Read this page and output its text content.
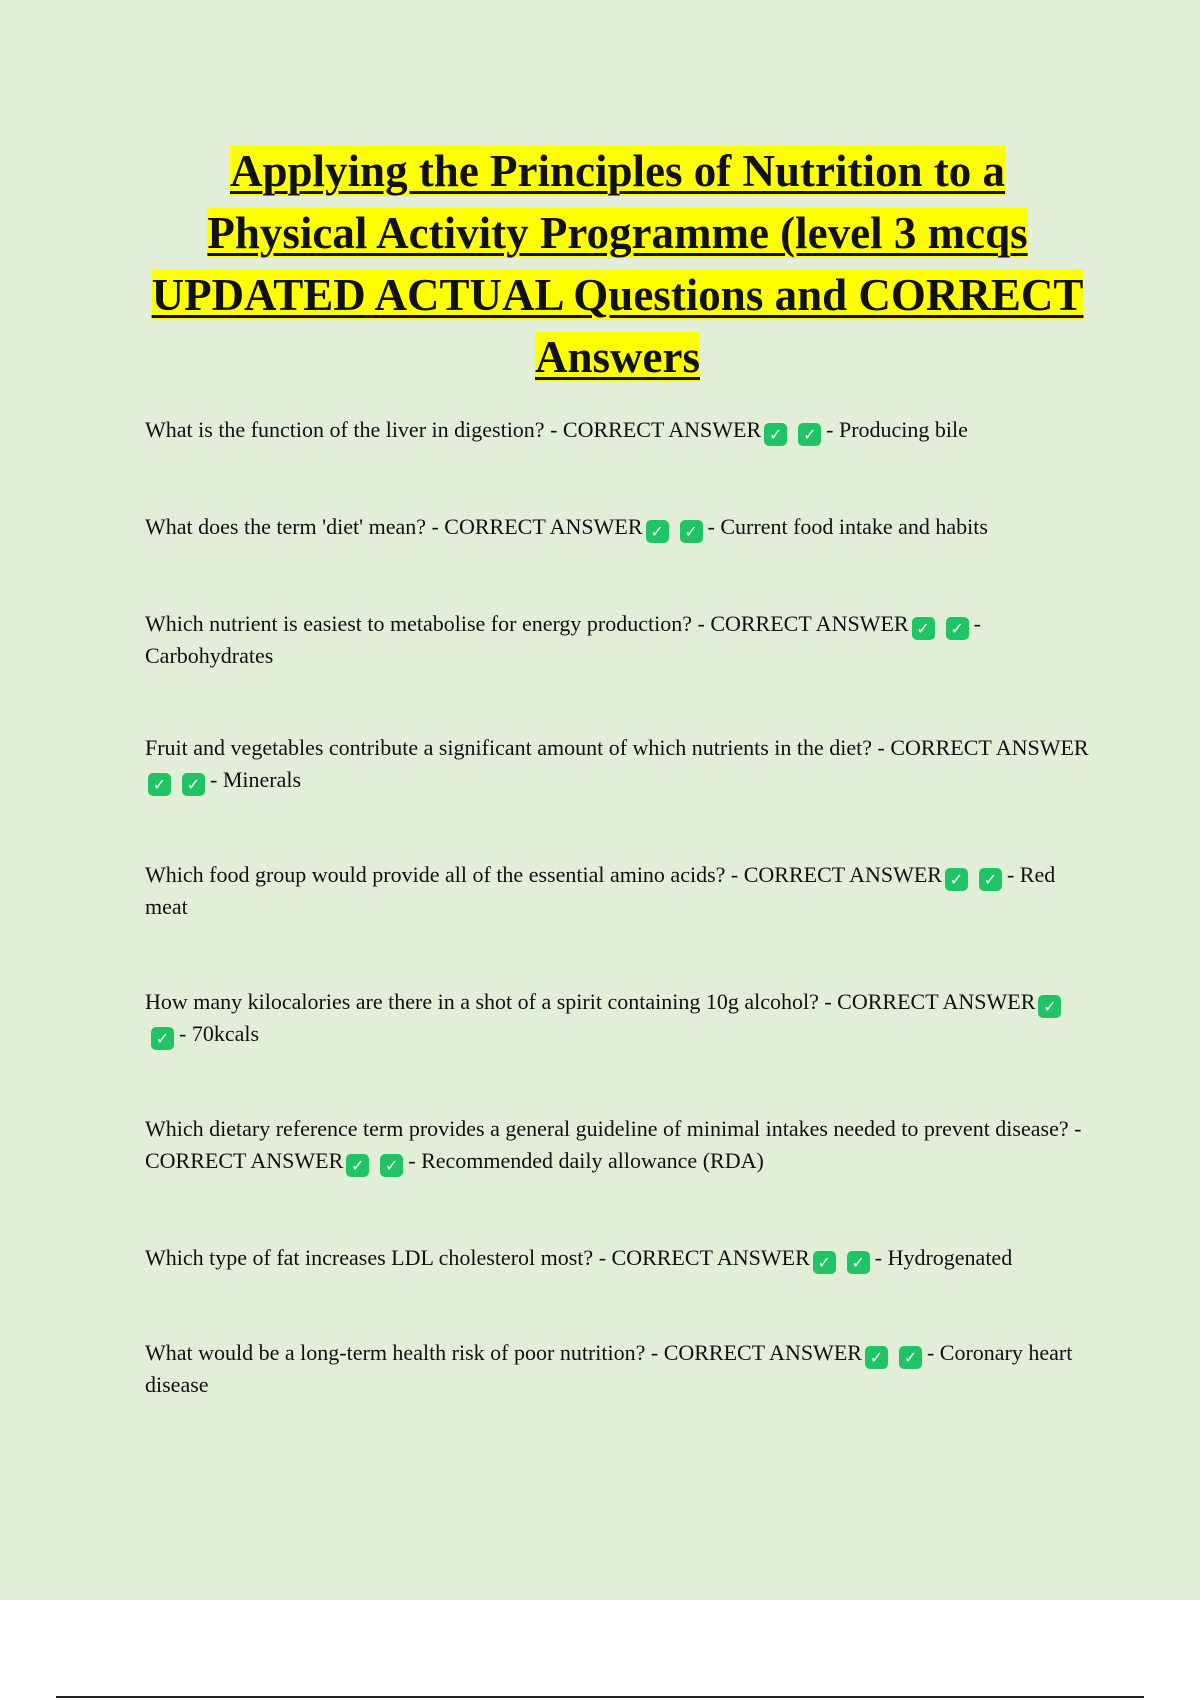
Applying the Principles of Nutrition to a Physical Activity Programme (level 3 mcqs UPDATED ACTUAL Questions and CORRECT Answers
What is the function of the liver in digestion? - CORRECT ANSWER ✓ ✓ - Producing bile
What does the term 'diet' mean? - CORRECT ANSWER ✓ ✓ - Current food intake and habits
Which nutrient is easiest to metabolise for energy production? - CORRECT ANSWER ✓ ✓ - Carbohydrates
Fruit and vegetables contribute a significant amount of which nutrients in the diet? - CORRECT ANSWER✓ ✓ - Minerals
Which food group would provide all of the essential amino acids? - CORRECT ANSWER ✓ ✓ - Red meat
How many kilocalories are there in a shot of a spirit containing 10g alcohol? - CORRECT ANSWER ✓✓ - 70kcals
Which dietary reference term provides a general guideline of minimal intakes needed to prevent disease? - CORRECT ANSWER ✓ ✓ - Recommended daily allowance (RDA)
Which type of fat increases LDL cholesterol most? - CORRECT ANSWER ✓ ✓ - Hydrogenated
What would be a long-term health risk of poor nutrition? - CORRECT ANSWER ✓ ✓ - Coronary heart disease
